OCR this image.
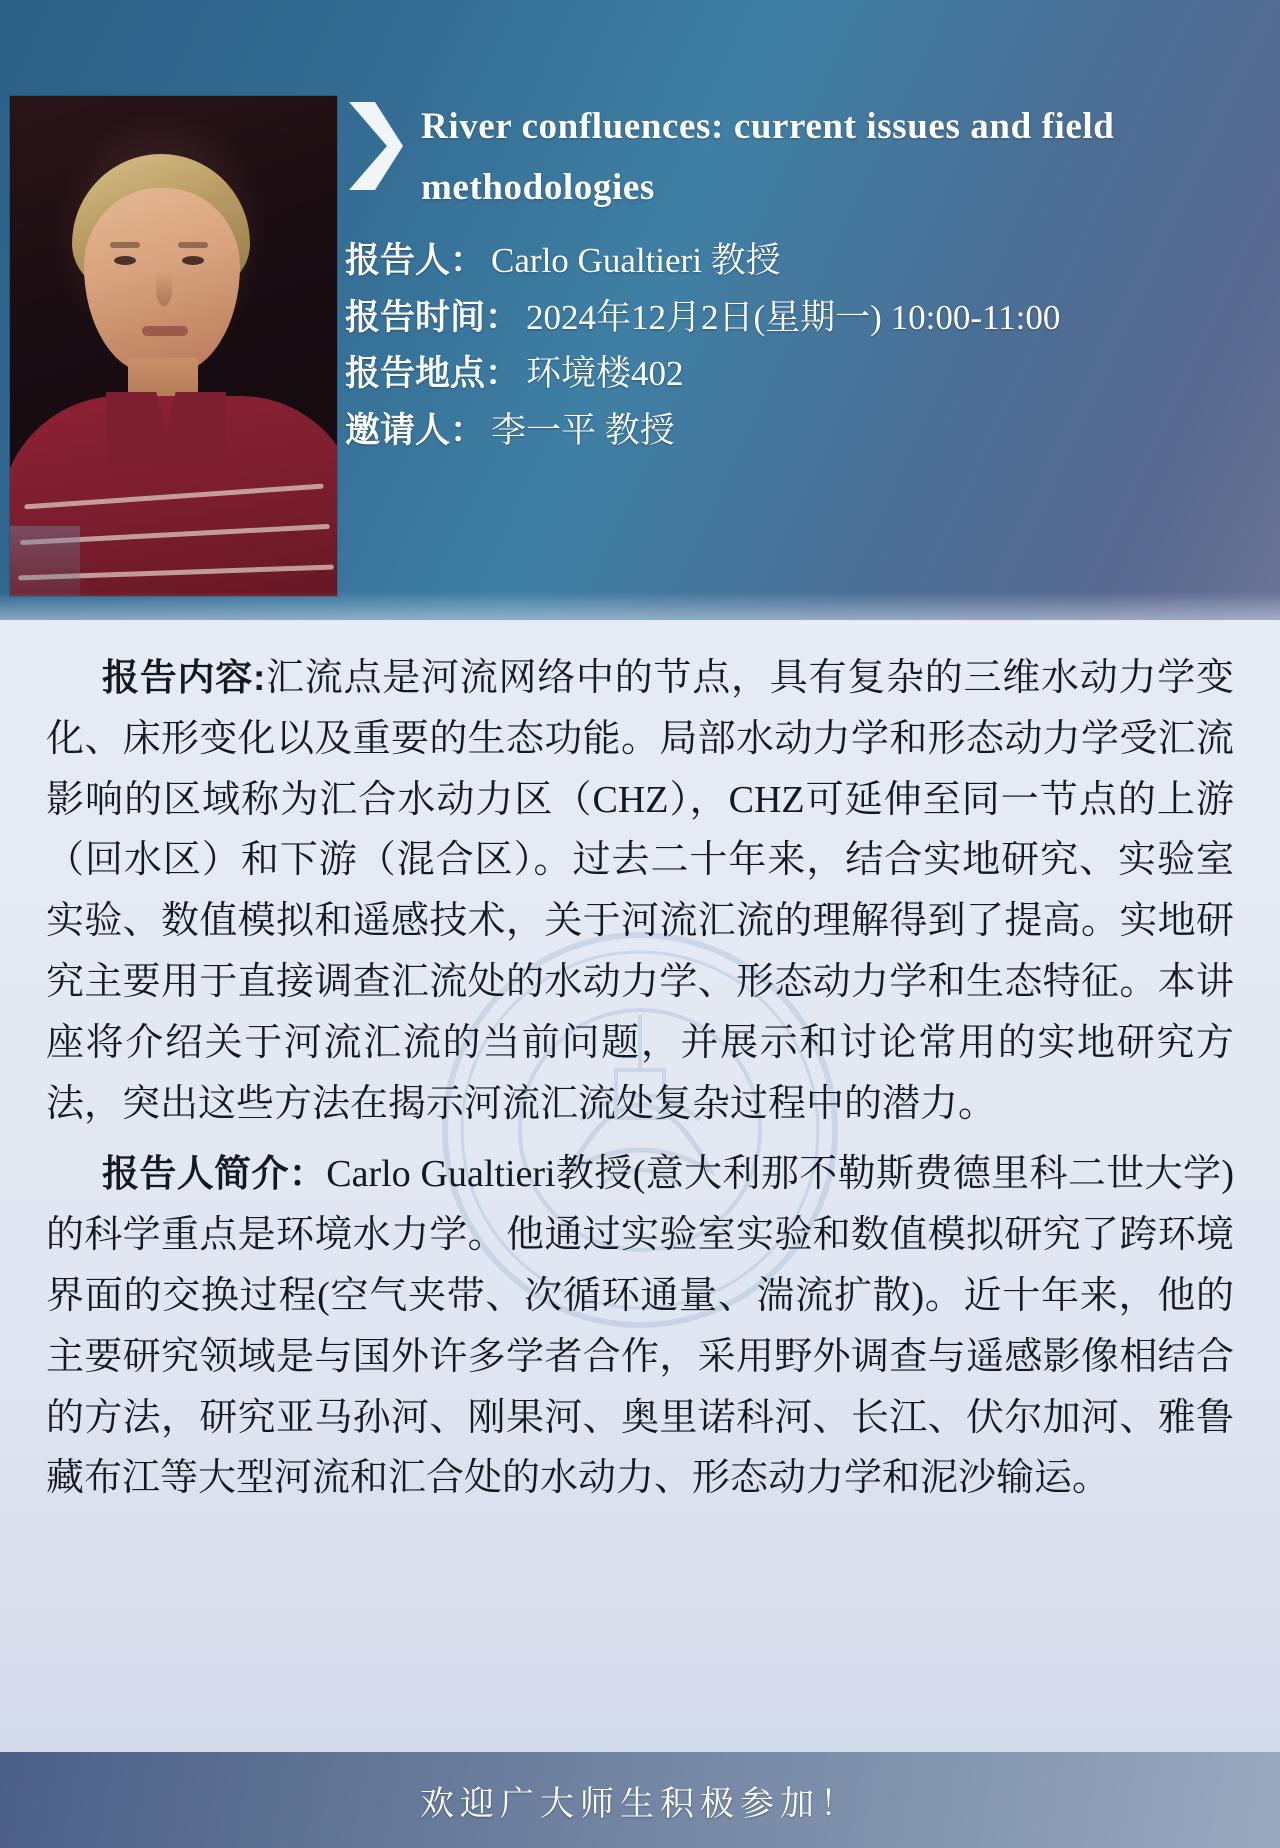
River confluences: current issues and field methodologies
报告人 ： Carlo Gualtieri 教授
报告时间 ： 2024年12月2日(星期一) 10:00-11:00
报告地点 ： 环境楼402
邀请人 ： 李一平 教授

报告内容:汇流点是河流网络中的节点，具有复杂的三维水动力学变化、床形变化以及重要的生态功能。局部水动力学和形态动力学受汇流影响的区域称为汇合水动力区（CHZ），CHZ可延伸至同一节点的上游（回水区）和下游（混合区）。过去二十年来，结合实地研究、实验室实验、数值模拟和遥感技术，关于河流汇流的理解得到了提高。实地研究主要用于直接调查汇流处的水动力学、形态动力学和生态特征。本讲座将介绍关于河流汇流的当前问题，并展示和讨论常用的实地研究方法，突出这些方法在揭示河流汇流处复杂过程中的潜力。

报告人简介：Carlo Gualtieri教授(意大利那不勒斯费德里科二世大学)的科学重点是环境水力学。他通过实验室实验和数值模拟研究了跨环境界面的交换过程(空气夹带、次循环通量、湍流扩散)。近十年来，他的主要研究领域是与国外许多学者合作，采用野外调查与遥感影像相结合的方法，研究亚马孙河、刚果河、奥里诺科河、长江、伏尔加河、雅鲁藏布江等大型河流和汇合处的水动力、形态动力学和泥沙输运。

欢迎广大师生积极参加！
